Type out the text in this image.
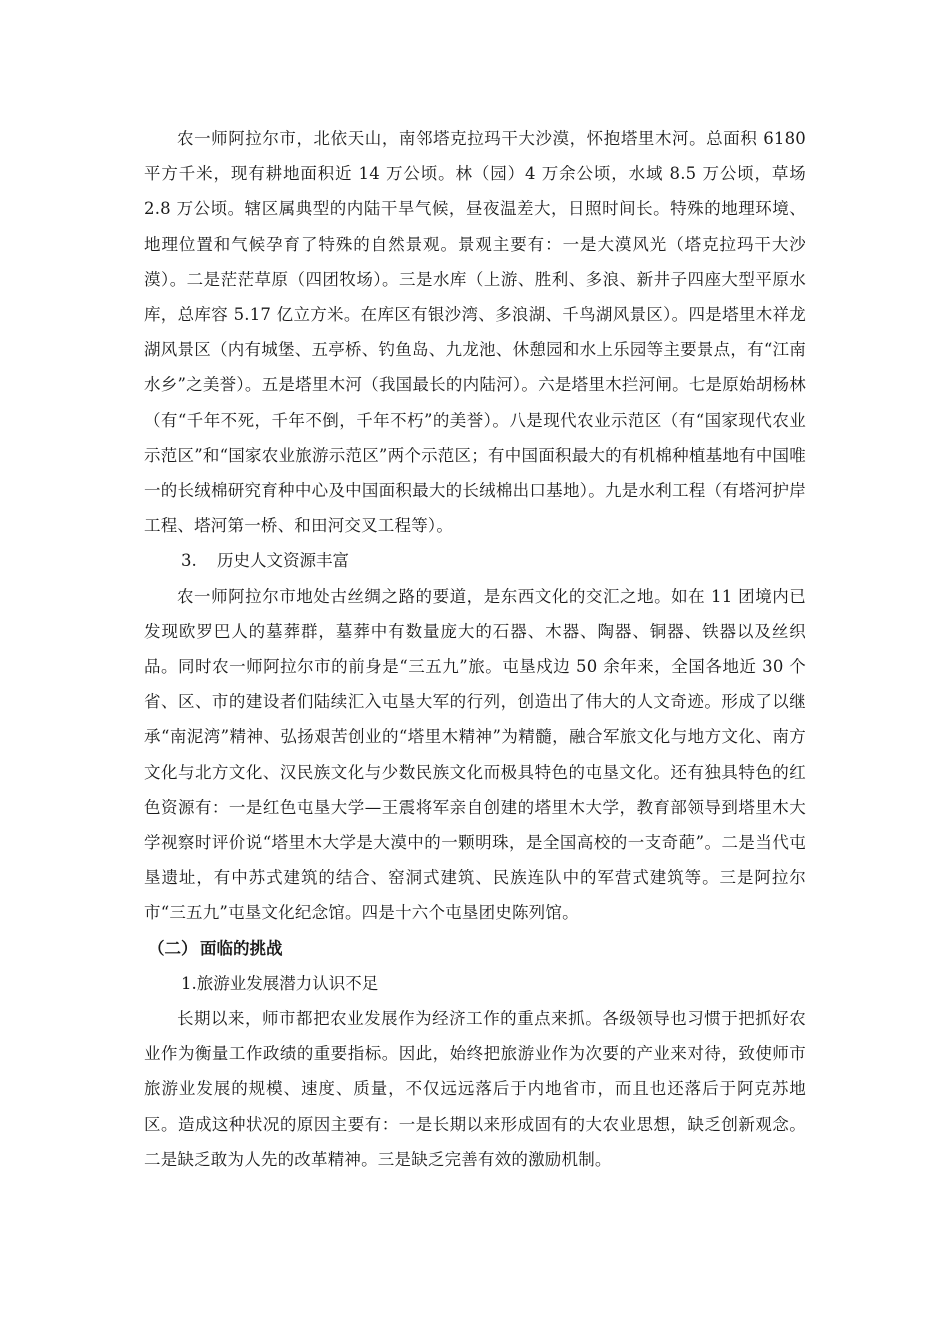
农一师阿拉尔市，北依天山，南邻塔克拉玛干大沙漠，怀抱塔里木河。总面积 6180 平方千米，现有耕地面积近 14 万公顷。林（园）4 万余公顷，水域 8.5 万公顷，草场 2.8 万公顷。辖区属典型的内陆干旱气候，昼夜温差大，日照时间长。特殊的地理环境、地理位置和气候孕育了特殊的自然景观。景观主要有：一是大漠风光（塔克拉玛干大沙漠）。二是茫茫草原（四团牧场）。三是水库（上游、胜利、多浪、新井子四座大型平原水库，总库容 5.17 亿立方米。在库区有银沙湾、多浪湖、千鸟湖风景区）。四是塔里木祥龙湖风景区（内有城堡、五亭桥、钓鱼岛、九龙池、休憩园和水上乐园等主要景点，有“江南水乡”之美誉）。五是塔里木河（我国最长的内陆河）。六是塔里木拦河闸。七是原始胡杨林（有“千年不死，千年不倒，千年不朽”的美誉）。八是现代农业示范区（有“国家现代农业示范区”和“国家农业旅游示范区”两个示范区；有中国面积最大的有机棉种植基地有中国唯一的长绒棉研究育种中心及中国面积最大的长绒棉出口基地）。九是水利工程（有塔河护岸工程、塔河第一桥、和田河交叉工程等）。

3. 历史人文资源丰富

农一师阿拉尔市地处古丝绸之路的要道，是东西文化的交汇之地。如在 11 团境内已发现欧罗巴人的墓葬群，墓葬中有数量庞大的石器、木器、陶器、铜器、铁器以及丝织品。同时农一师阿拉尔市的前身是“三五九”旅。屯垦戍边 50 余年来，全国各地近 30 个省、区、市的建设者们陆续汇入屯垦大军的行列，创造出了伟大的人文奇迹。形成了以继承“南泥湾”精神、弘扬艰苦创业的“塔里木精神”为精髓，融合军旅文化与地方文化、南方文化与北方文化、汉民族文化与少数民族文化而极具特色的屯垦文化。还有独具特色的红色资源有：一是红色屯垦大学—王震将军亲自创建的塔里木大学，教育部领导到塔里木大学视察时评价说“塔里木大学是大漠中的一颗明珠，是全国高校的一支奇葩”。二是当代屯垦遗址，有中苏式建筑的结合、窑洞式建筑、民族连队中的军营式建筑等。三是阿拉尔市“三五九”屯垦文化纪念馆。四是十六个屯垦团史陈列馆。

（二） 面临的挑战

1.旅游业发展潜力认识不足

长期以来，师市都把农业发展作为经济工作的重点来抓。各级领导也习惯于把抓好农业作为衡量工作政绩的重要指标。因此，始终把旅游业作为次要的产业来对待，致使师市旅游业发展的规模、速度、质量，不仅远远落后于内地省市，而且也还落后于阿克苏地区。造成这种状况的原因主要有：一是长期以来形成固有的大农业思想，缺乏创新观念。二是缺乏敢为人先的改革精神。三是缺乏完善有效的激励机制。
